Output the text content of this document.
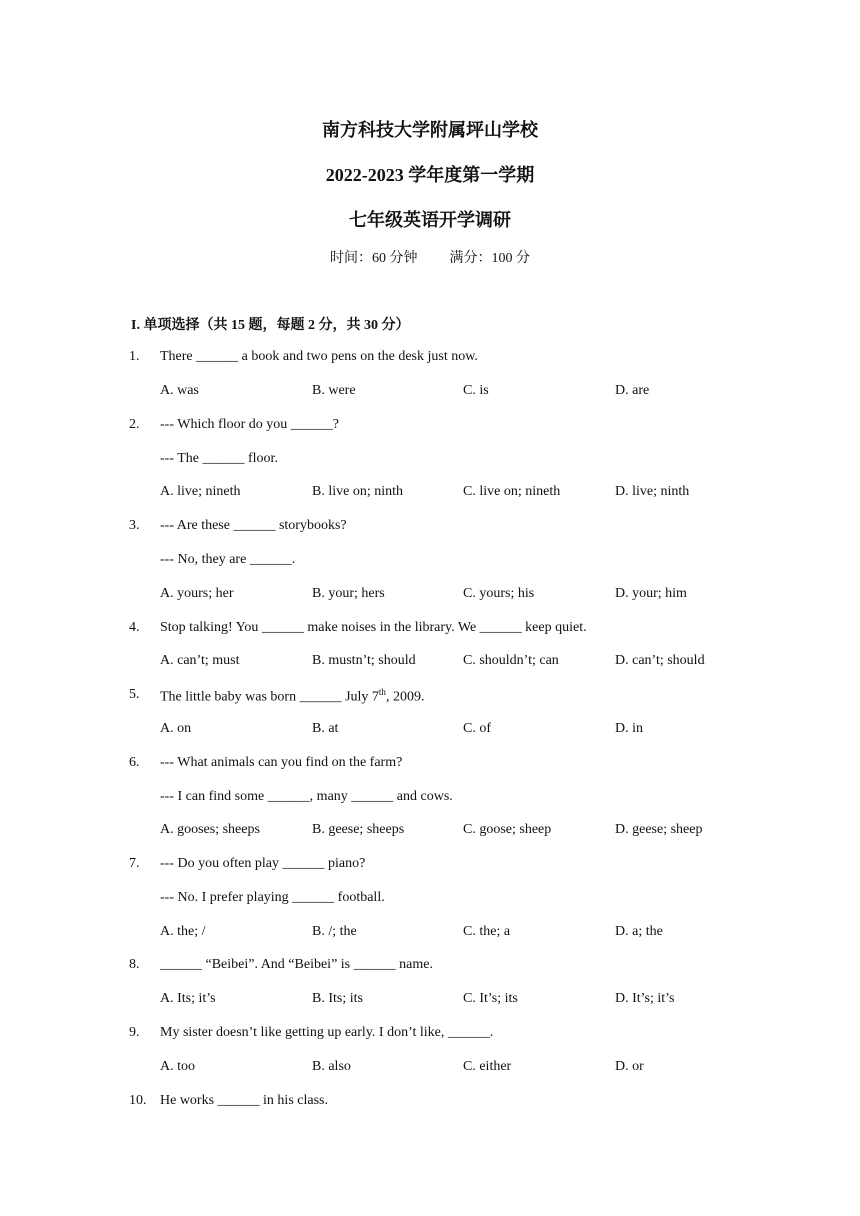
南方科技大学附属坪山学校
2022-2023 学年度第一学期
七年级英语开学调研
时间：60 分钟 满分：100 分
I. 单项选择（共 15 题，每题 2 分，共 30 分）
1. There ______ a book and two pens on the desk just now.
A. was	B. were	C. is	D. are
2. --- Which floor do you ______?
--- The ______ floor.
A. live; nineth	B. live on; ninth	C. live on; nineth	D. live; ninth
3. --- Are these ______ storybooks?
--- No, they are ______.
A. yours; her	B. your; hers	C. yours; his	D. your; him
4. Stop talking! You ______ make noises in the library. We ______ keep quiet.
A. can’t; must	B. mustn’t; should	C. shouldn’t; can	D. can’t; should
5. The little baby was born ______ July 7th, 2009.
A. on	B. at	C. of	D. in
6. --- What animals can you find on the farm?
--- I can find some ______, many ______ and cows.
A. gooses; sheeps	B. geese; sheeps	C. goose; sheep	D. geese; sheep
7. --- Do you often play ______ piano?
--- No. I prefer playing ______ football.
A. the; /	B. /; the	C. the; a	D. a; the
8. ______ “Beibei”. And “Beibei” is ______ name.
A. Its; it’s	B. Its; its	C. It’s; its	D. It’s; it’s
9. My sister doesn’t like getting up early. I don’t like, ______.
A. too	B. also	C. either	D. or
10. He works ______ in his class.
